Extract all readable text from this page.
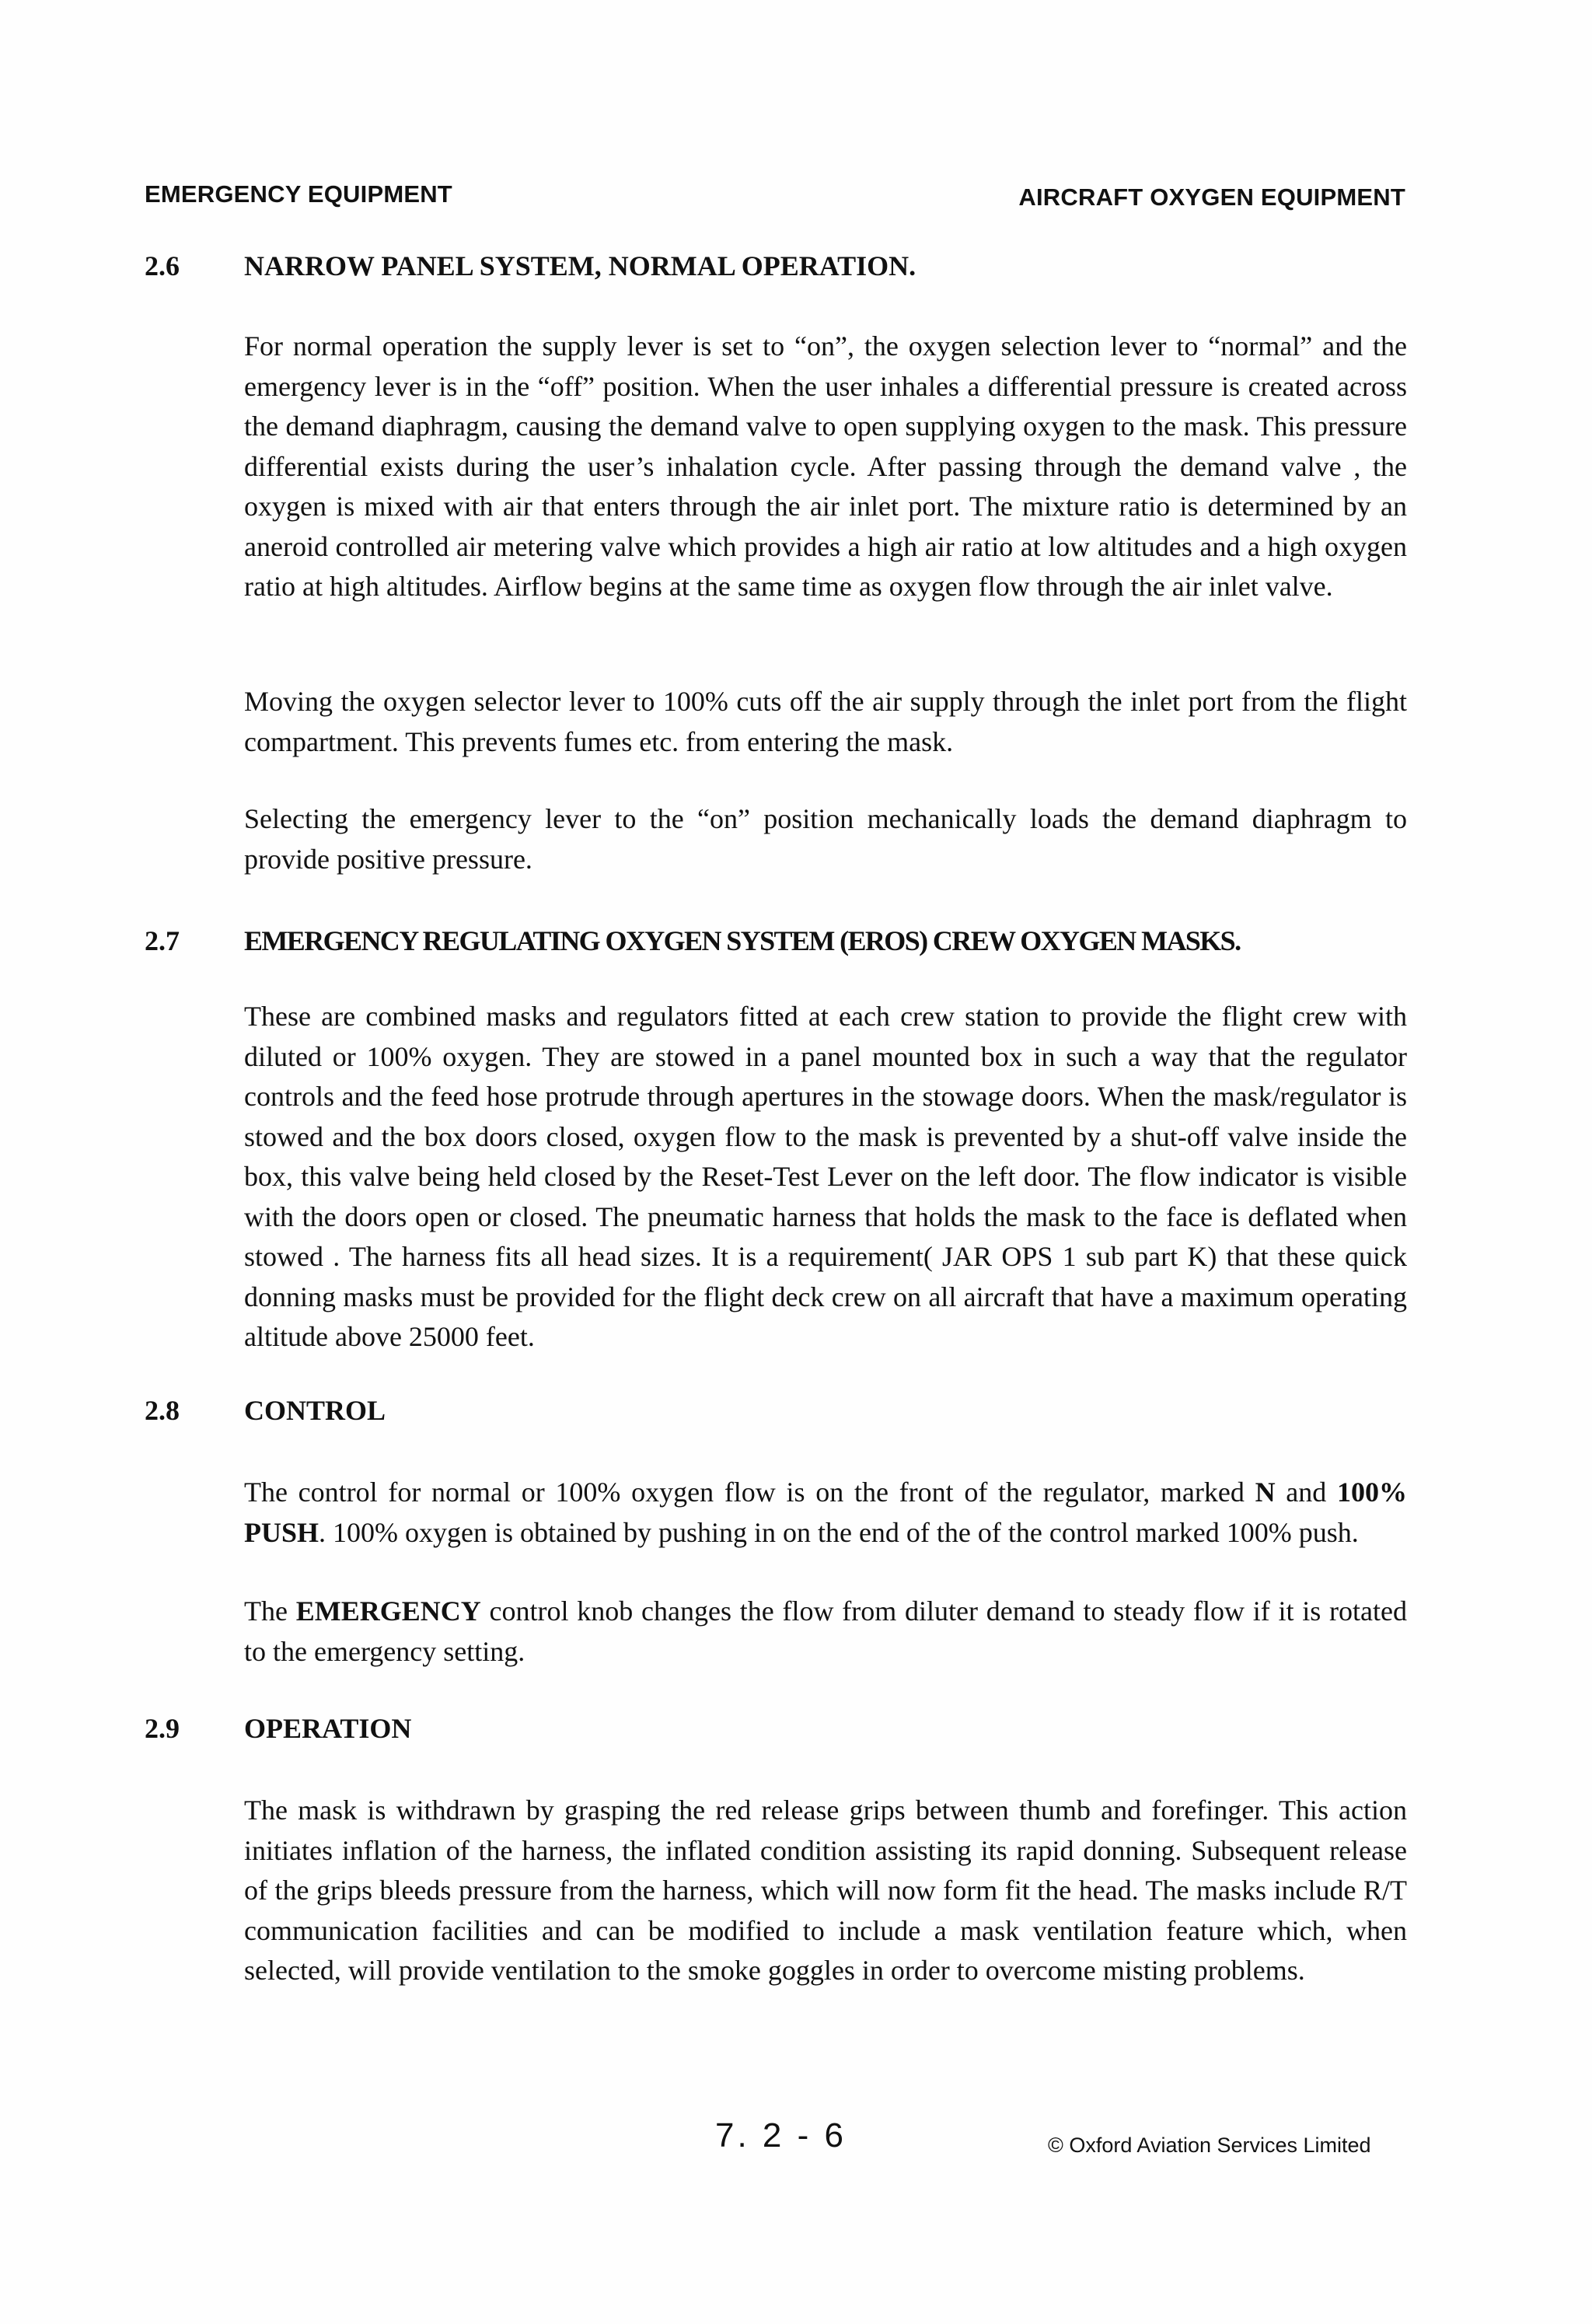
EMERGENCY EQUIPMENT	AIRCRAFT OXYGEN EQUIPMENT
2.6 NARROW PANEL SYSTEM, NORMAL OPERATION.

For normal operation the supply lever is set to “on”, the oxygen selection lever to “normal” and the emergency lever is in the “off” position. When the user inhales a differential pressure is created across the demand diaphragm, causing the demand valve to open supplying oxygen to the mask. This pressure differential exists during the user’s inhalation cycle. After passing through the demand valve , the oxygen is mixed with air that enters through the air inlet port. The mixture ratio is determined by an aneroid controlled air metering valve which provides a high air ratio at low altitudes and a high oxygen ratio at high altitudes. Airflow begins at the same time as oxygen flow through the air inlet valve.

Moving the oxygen selector lever to 100% cuts off the air supply through the inlet port from the flight compartment. This prevents fumes etc. from entering the mask.

Selecting the emergency lever to the “on” position mechanically loads the demand diaphragm to provide positive pressure.

2.7 EMERGENCY REGULATING OXYGEN SYSTEM (EROS) CREW OXYGEN MASKS.

These are combined masks and regulators fitted at each crew station to provide the flight crew with diluted or 100% oxygen. They are stowed in a panel mounted box in such a way that the regulator controls and the feed hose protrude through apertures in the stowage doors. When the mask/regulator is stowed and the box doors closed, oxygen flow to the mask is prevented by a shut-off valve inside the box, this valve being held closed by the Reset-Test Lever on the left door. The flow indicator is visible with the doors open or closed. The pneumatic harness that holds the mask to the face is deflated when stowed . The harness fits all head sizes. It is a requirement( JAR OPS 1 sub part K) that these quick donning masks must be provided for the flight deck crew on all aircraft that have a maximum operating altitude above 25000 feet.

2.8 CONTROL

The control for normal or 100% oxygen flow is on the front of the regulator, marked N and 100% PUSH. 100% oxygen is obtained by pushing in on the end of the of the control marked 100% push.

The EMERGENCY control knob changes the flow from diluter demand to steady flow if it is rotated to the emergency setting.

2.9 OPERATION

The mask is withdrawn by grasping the red release grips between thumb and forefinger. This action initiates inflation of the harness, the inflated condition assisting its rapid donning. Subsequent release of the grips bleeds pressure from the harness, which will now form fit the head. The masks include R/T communication facilities and can be modified to include a mask ventilation feature which, when selected, will provide ventilation to the smoke goggles in order to overcome misting problems.

7. 2 - 6	© Oxford Aviation Services Limited
